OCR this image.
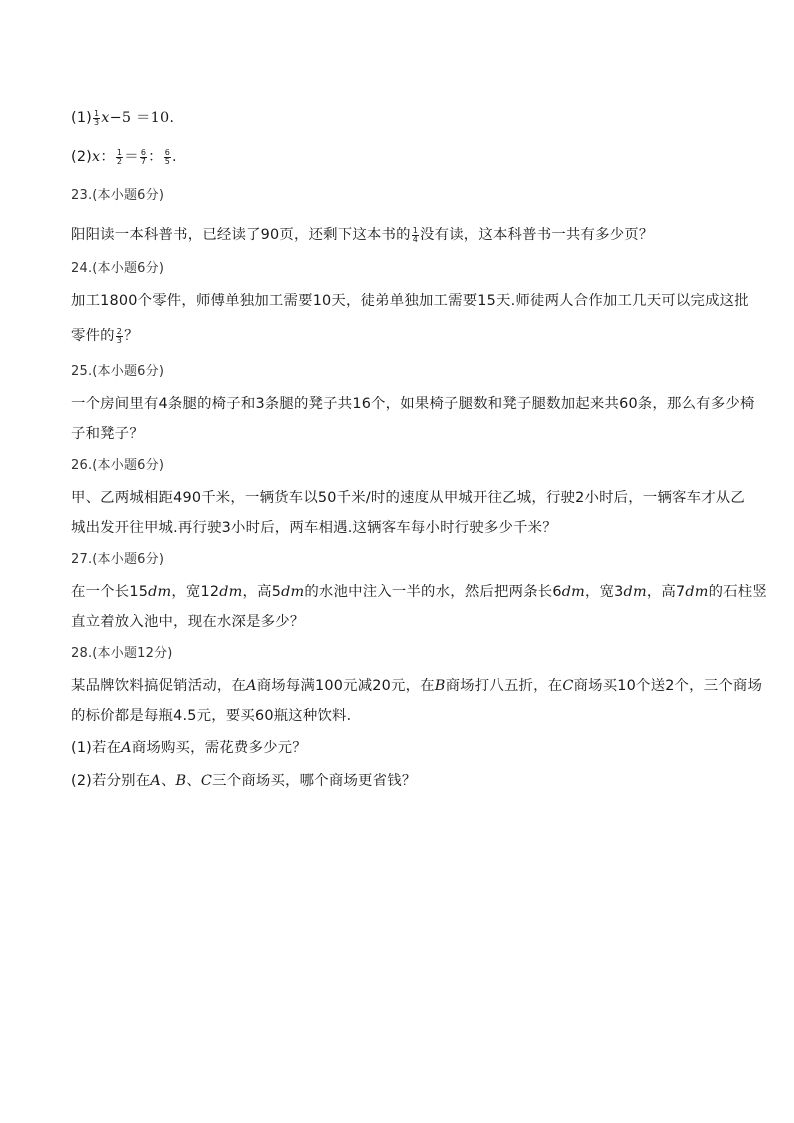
$(1) \frac{1}{3} x-5 =10$.
(2)x： $\frac{1}{2} = \frac{6}{7}$ ： $\frac{6}{5}$ .
23.(本小题6分)
阳阳读一本科普书，已经读了90页，还剩下这本书的 $\frac{1}{4}$ 没有读，这本科普书一共有多少页？
24.(本小题6分)
加工1800个零件，师傅单独加工需要10天，徒弟单独加工需要15天.师徒两人合作加工几天可以完成这批
零件的 $\frac{2}{3}$ ？
25.(本小题6分)
一个房间里有4条腿的椅子和3条腿的凳子共16个，如果椅子腿数和凳子腿数加起来共60条，那么有多少椅
子和凳子？
26.(本小题6分)
甲、乙两城相距490千米，一辆货车以50千米/时的速度从甲城开往乙城，行驶2小时后，一辆客车才从乙
城出发开往甲城.再行驶3小时后，两车相遇.这辆客车每小时行驶多少千米？
27.(本小题6分)
在一个长15dm，宽12dm，高5dm的水池中注入一半的水，然后把两条长6dm，宽3dm，高7dm的石柱竖
直立着放入池中，现在水深是多少？
28.(本小题12分)
某品牌饮料搞促销活动，在A商场每满100元减20元，在B商场打八五折，在C商场买10个送2个，三个商场
的标价都是每瓶4.5元，要买60瓶这种饮料．
(1)若在A商场购买，需花费多少元？
(2)若分别在A、B、C三个商场买，哪个商场更省钱？
